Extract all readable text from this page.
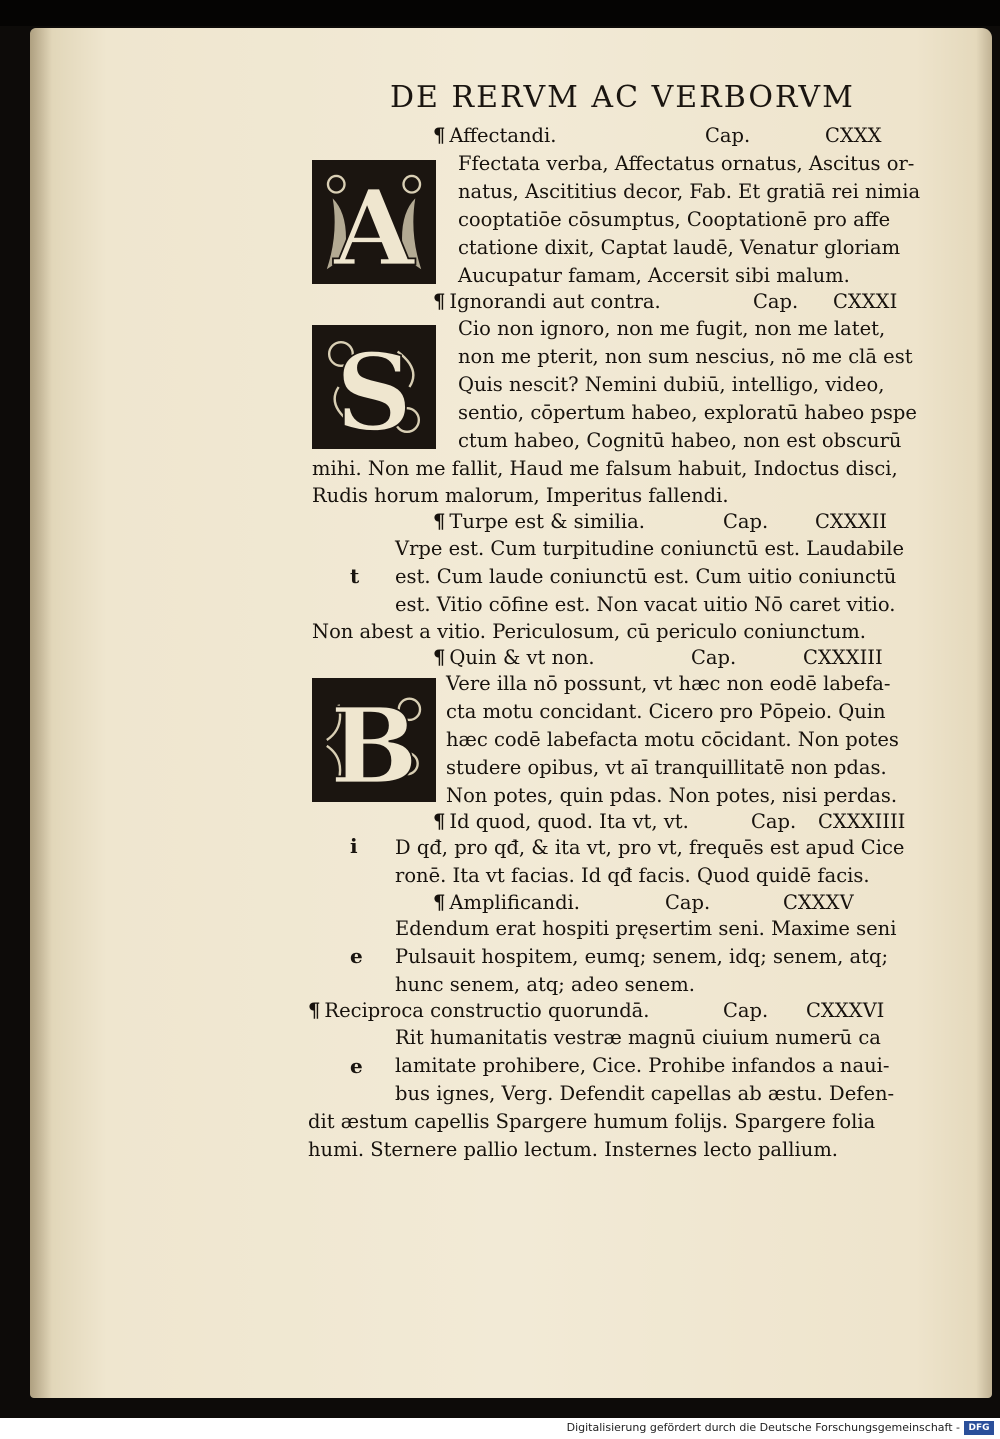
DE RERVM AC VERBORVM
¶ Affectandi.	Cap.	CXXX
A
Ffectata verba, Affectatus ornatus, Ascitus or-
natus, Ascititius decor, Fab. Et gratiā rei nimia
cooptatiōe cōsumptus, Cooptationē pro affe
ctatione dixit, Captat laudē, Venatur gloriam
Aucupatur famam, Accersit sibi malum.
¶ Ignorandi aut contra.	Cap. CXXXI
S
Cio non ignoro, non me fugit, non me latet,
non me pterit, non sum nescius, nō me clā est
Quis nescit? Nemini dubiū, intelligo, video,
sentio, cōpertum habeo, exploratū habeo pspe
ctum habeo, Cognitū habeo, non est obscurū
mihi. Non me fallit, Haud me falsum habuit, Indoctus disci,
Rudis horum malorum, Imperitus fallendi.
¶ Turpe est & similia.	Cap. CXXXII
t
Vrpe est. Cum turpitudine coniunctū est. Laudabile
est. Cum laude coniunctū est. Cum uitio coniunctū
est. Vitio cōfine est. Non vacat uitio Nō caret vitio.
Non abest a vitio. Periculosum, cū periculo coniunctum.
¶ Quin & vt non.	Cap.	CXXXIII
B
Vere illa nō possunt, vt hæc non eodē labefa-
cta motu concidant. Cicero pro Pōpeio. Quin
hæc codē labefacta motu cōcidant. Non potes
studere opibus, vt aī tranquillitatē non pdas.
Non potes, quin pdas. Non potes, nisi perdas.
¶ Id quod, quod. Ita vt, vt.	Cap. CXXXIIII
i D qđ, pro qđ, & ita vt, pro vt, frequēs est apud Cice
ronē. Ita vt facias. Id qđ facis. Quod quidē facis.
¶ Amplificandi.	Cap.	CXXXV
e
Edendum erat hospiti pręsertim seni. Maxime seni
Pulsauit hospitem, eumq; senem, idq; senem, atq;
hunc senem, atq; adeo senem.
¶ Reciproca constructio quorundā.	Cap. CXXXVI
e
Rit humanitatis vestræ magnū ciuium numerū ca
lamitate prohibere, Cice. Prohibe infandos a naui-
bus ignes, Verg. Defendit capellas ab æstu. Defen-
dit æstum capellis Spargere humum folijs. Spargere folia
humi. Sternere pallio lectum. Insternes lecto pallium.
Digitalisierung gefördert durch die Deutsche Forschungsgemeinschaft - DFG
